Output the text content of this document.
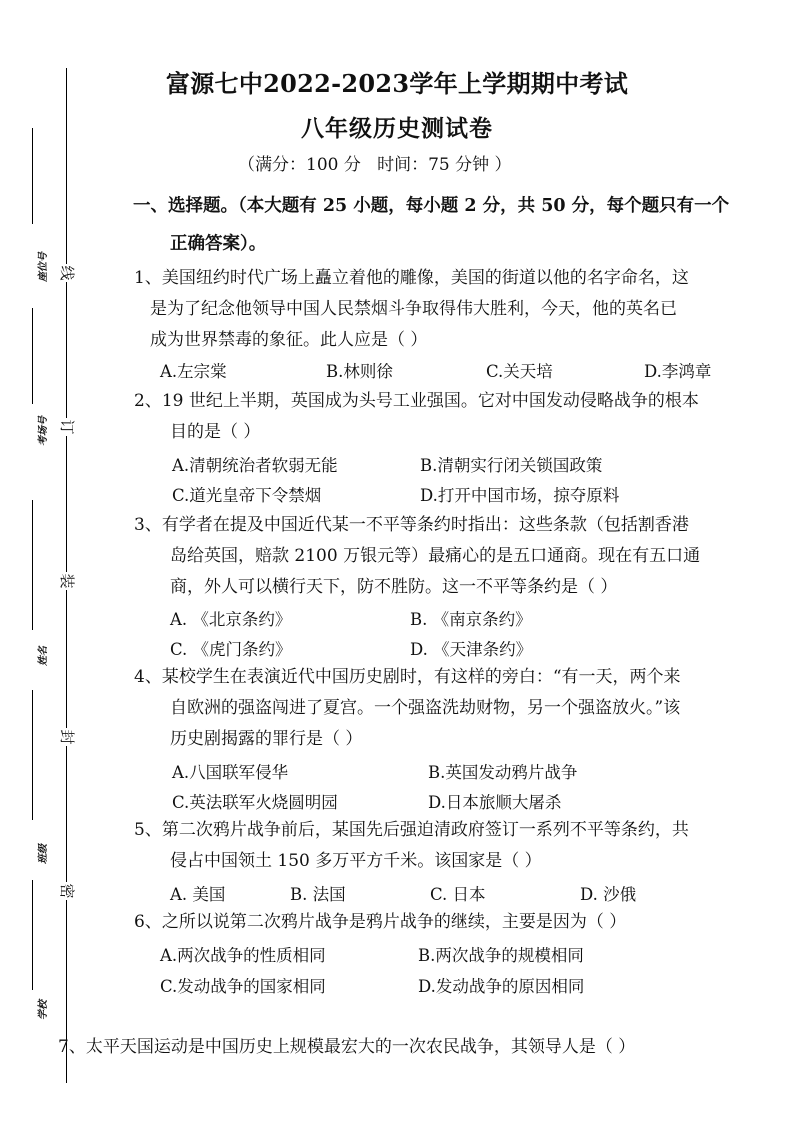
线
订
装
封
密
座位号
考场号
姓名
班级
学校
富源七中2022-2023学年上学期期中考试
八年级历史测试卷
（满分：100 分   时间：75 分钟 ）
一、选择题。（本大题有 25 小题，每小题 2 分，共 50 分，每个题只有一个
正确答案）。
1、美国纽约时代广场上矗立着他的雕像，美国的街道以他的名字命名，这
是为了纪念他领导中国人民禁烟斗争取得伟大胜利，今天，他的英名已
成为世界禁毒的象征。此人应是（ ）
A.左宗棠	B.林则徐	C.关天培	D.李鸿章
2、19 世纪上半期，英国成为头号工业强国。它对中国发动侵略战争的根本
目的是（ ）
A.清朝统治者软弱无能	B.清朝实行闭关锁国政策
C.道光皇帝下令禁烟	D.打开中国市场，掠夺原料
3、有学者在提及中国近代某一不平等条约时指出：这些条款（包括割香港
岛给英国，赔款 2100 万银元等）最痛心的是五口通商。现在有五口通
商，外人可以横行天下，防不胜防。这一不平等条约是（ ）
A. 《北京条约》	B. 《南京条约》
C. 《虎门条约》	D. 《天津条约》
4、某校学生在表演近代中国历史剧时，有这样的旁白：“有一天，两个来
自欧洲的强盗闯进了夏宫。一个强盗洗劫财物，另一个强盗放火。”该
历史剧揭露的罪行是（ ）
A.八国联军侵华	B.英国发动鸦片战争
C.英法联军火烧圆明园	D.日本旅顺大屠杀
5、第二次鸦片战争前后，某国先后强迫清政府签订一系列不平等条约，共
侵占中国领土 150 多万平方千米。该国家是（ ）
A. 美国	B. 法国	C. 日本	D. 沙俄
6、之所以说第二次鸦片战争是鸦片战争的继续，主要是因为（ ）
A.两次战争的性质相同	B.两次战争的规模相同
C.发动战争的国家相同	D.发动战争的原因相同
7、太平天国运动是中国历史上规模最宏大的一次农民战争，其领导人是（ ）
